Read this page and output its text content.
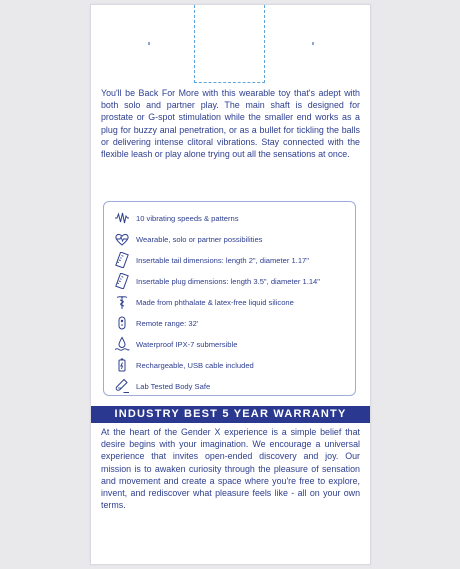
You'll be Back For More with this wearable toy that's adept with both solo and partner play. The main shaft is designed for prostate or G-spot stimulation while the smaller end works as a plug for buzzy anal penetration, or as a bullet for tickling the balls or delivering intense clitoral vibrations. Stay connected with the flexible leash or play alone trying out all the sensations at once.

10 vibrating speeds & patterns
Wearable, solo or partner possibilities
Insertable tail dimensions: length 2", diameter 1.17"
Insertable plug dimensions: length 3.5", diameter 1.14"
Made from phthalate & latex-free liquid silicone
Remote range: 32'
Waterproof IPX-7 submersible
Rechargeable, USB cable included
Lab Tested Body Safe
INDUSTRY BEST 5 YEAR WARRANTY

At the heart of the Gender X experience is a simple belief that desire begins with your imagination. We encourage a universal experience that invites open-ended discovery and joy. Our mission is to awaken curiosity through the pleasure of sensation and movement and create a space where you're free to explore, invent, and rediscover what pleasure feels like - all on your own terms.
